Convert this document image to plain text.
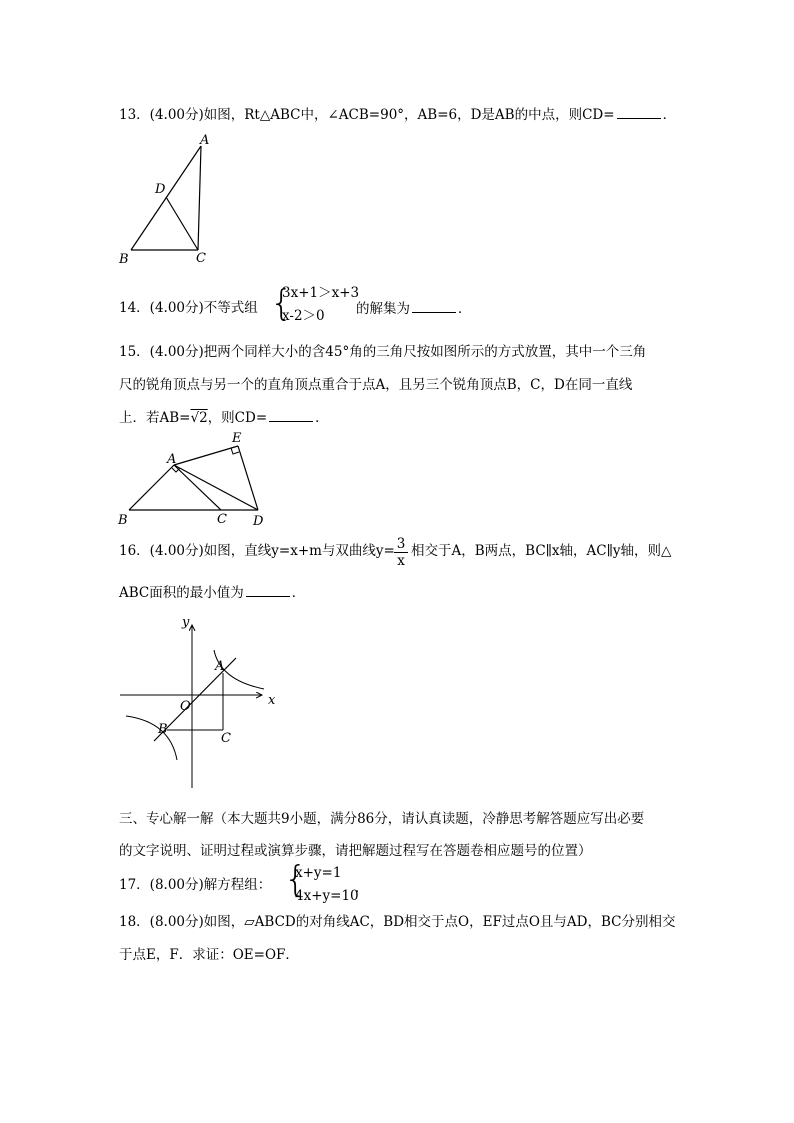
13．(4.00分)如图，Rt△ABC中，∠ACB=90°，AB=6，D是AB的中点，则CD=	．
A
D
B	C
14．(4.00分)不等式组 {
3x+1＞x+3
x-2＞0 的解集为	．
15．(4.00分)把两个同样大小的含45°角的三角尺按如图所示的方式放置，其中一个三角
尺的锐角顶点与另一个的直角顶点重合于点A，且另三个锐角顶点B，C，D在同一直线
上．若AB=√2，则CD=	．
E
A
B	C D
16．(4.00分)如图，直线y=x+m与双曲线$y= \frac{3}{x}$ 相交于A，B两点，BC∥x轴，AC∥y轴，则△
ABC面积的最小值为	．
x
y
O
A
B
C
三、专心解一解（本大题共9小题，满分86分，请认真读题，冷静思考解答题应写出必要
的文字说明、证明过程或演算步骤，请把解题过程写在答题卷相应题号的位置）
17．(8.00分)解方程组： {
x+y=1
4x+y=10
．
18．(8.00分)如图，▱ABCD的对角线AC，BD相交于点O，EF过点O且与AD，BC分别相交
于点E，F．求证：OE=OF．
